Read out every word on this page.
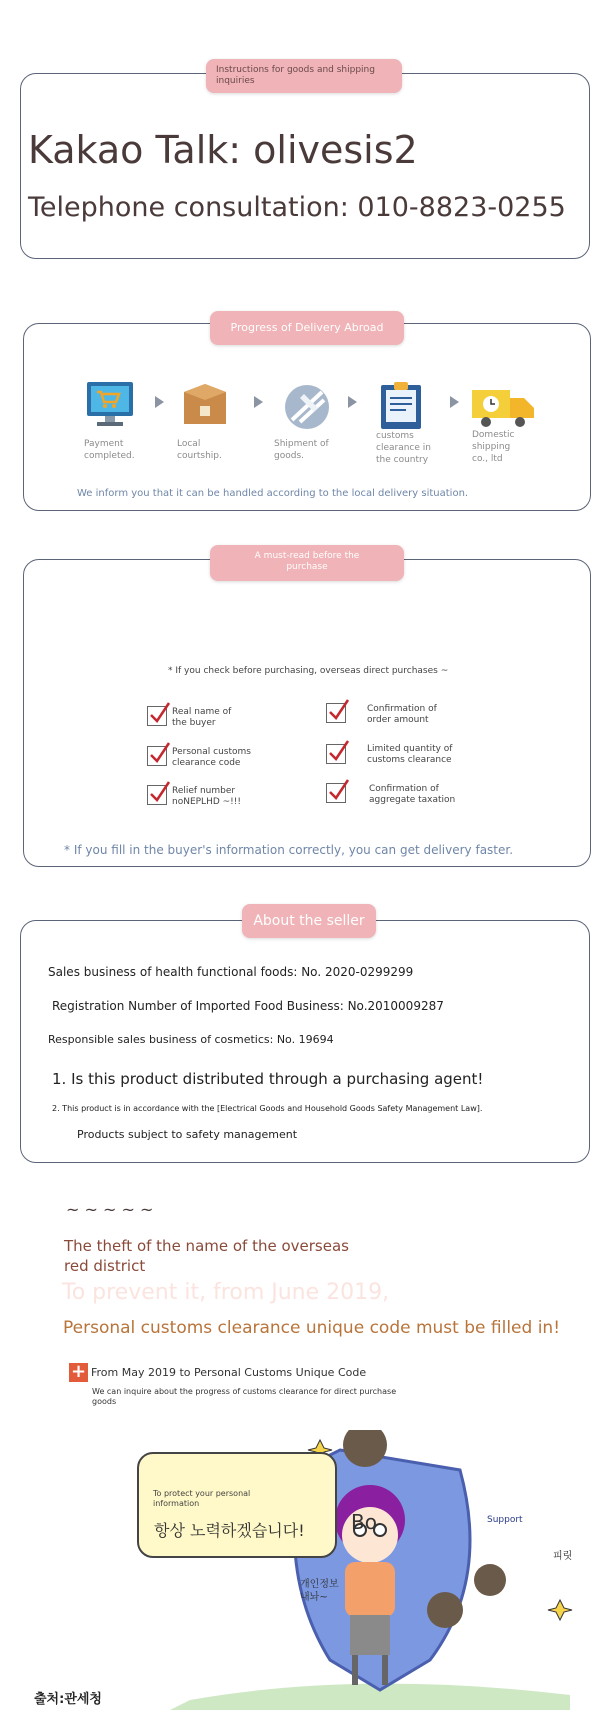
Instructions for goods and shipping inquiries
Kakao Talk: olivesis2
Telephone consultation: 010-8823-0255
Progress of Delivery Abroad
Payment completed.
Local courtship.
Shipment of goods.
customs clearance in the country
Domestic shipping co., ltd
We inform you that it can be handled according to the local delivery situation.
A must-read before the purchase
* If you check before purchasing, overseas direct purchases ~
Real name of the buyer
Confirmation of order amount
Personal customs clearance code
Limited quantity of customs clearance
Relief number noNEPLHD ~!!!
Confirmation of aggregate taxation
* If you fill in the buyer's information correctly, you can get delivery faster.
About the seller
Sales business of health functional foods: No. 2020-0299299
Registration Number of Imported Food Business: No.2010009287
Responsible sales business of cosmetics: No. 19694
1. Is this product distributed through a purchasing agent!
2. This product is in accordance with the [Electrical Goods and Household Goods Safety Management Law].
Products subject to safety management
~ ~ ~ ~ ~
The theft of the name of the overseas red district
To prevent it, from June 2019,
Personal customs clearance unique code must be filled in!
+ From May 2019 to Personal Customs Unique Code
We can inquire about the progress of customs clearance for direct purchase goods
To protect your personal information
항상 노력하겠습니다! Bo	Support
개인정보 내놔~
피릿
출처:관세청
